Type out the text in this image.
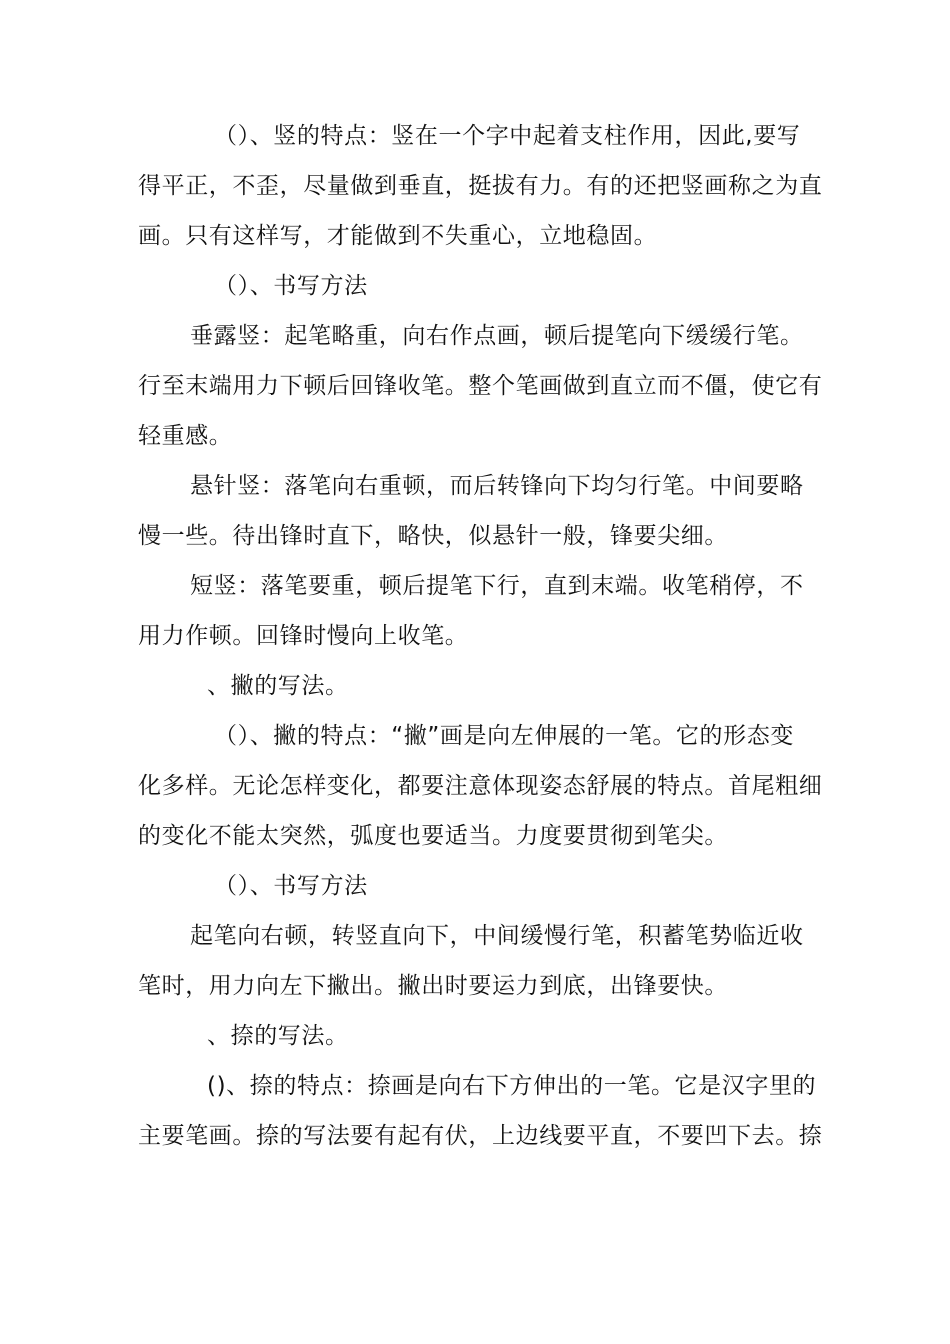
（）、竖的特点：竖在一个字中起着支柱作用，因此,要写
得平正，不歪，尽量做到垂直，挺拔有力。有的还把竖画称之为直
画。只有这样写，才能做到不失重心，立地稳固。
（）、书写方法
垂露竖：起笔略重，向右作点画，顿后提笔向下缓缓行笔。
行至末端用力下顿后回锋收笔。整个笔画做到直立而不僵，使它有
轻重感。
悬针竖：落笔向右重顿，而后转锋向下均匀行笔。中间要略
慢一些。待出锋时直下，略快，似悬针一般，锋要尖细。
短竖：落笔要重，顿后提笔下行，直到末端。收笔稍停，不
用力作顿。回锋时慢向上收笔。
、撇的写法。
（）、撇的特点：“撇”画是向左伸展的一笔。它的形态变
化多样。无论怎样变化，都要注意体现姿态舒展的特点。首尾粗细
的变化不能太突然，弧度也要适当。力度要贯彻到笔尖。
（）、书写方法
起笔向右顿，转竖直向下，中间缓慢行笔，积蓄笔势临近收
笔时，用力向左下撇出。撇出时要运力到底，出锋要快。
、捺的写法。
()、捺的特点：捺画是向右下方伸出的一笔。它是汉字里的
主要笔画。捺的写法要有起有伏，上边线要平直，不要凹下去。捺
